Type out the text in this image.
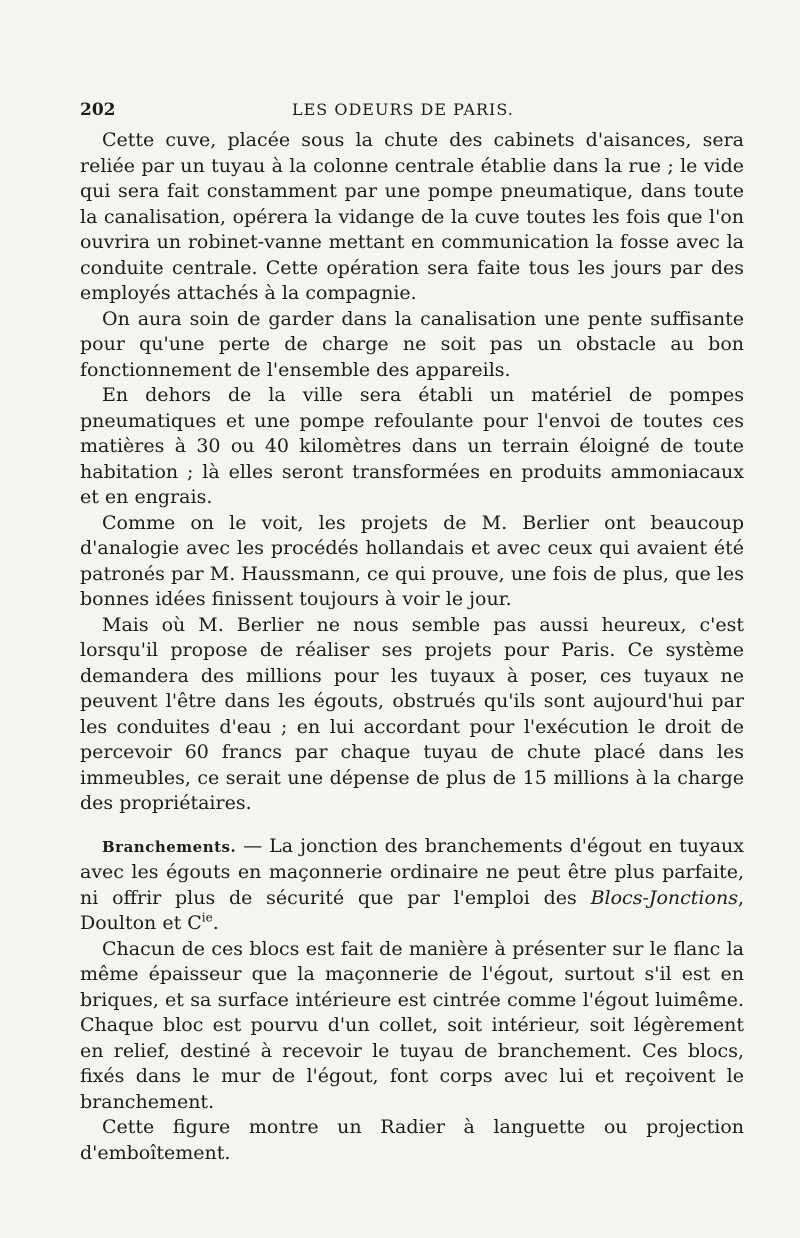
202	LES ODEURS DE PARIS.

Cette cuve, placée sous la chute des cabinets d'aisances, sera reliée par un tuyau à la colonne centrale établie dans la rue ; le vide qui sera fait constamment par une pompe pneumatique, dans toute la canalisation, opérera la vidange de la cuve toutes les fois que l'on ouvrira un robinet-vanne mettant en communication la fosse avec la conduite centrale. Cette opération sera faite tous les jours par des employés attachés à la compagnie.

On aura soin de garder dans la canalisation une pente suffisante pour qu'une perte de charge ne soit pas un obstacle au bon fonctionnement de l'ensemble des appareils.

En dehors de la ville sera établi un matériel de pompes pneumatiques et une pompe refoulante pour l'envoi de toutes ces matières à 30 ou 40 kilomètres dans un terrain éloigné de toute habitation ; là elles seront transformées en produits ammoniacaux et en engrais.

Comme on le voit, les projets de M. Berlier ont beaucoup d'analogie avec les procédés hollandais et avec ceux qui avaient été patronés par M. Haussmann, ce qui prouve, une fois de plus, que les bonnes idées finissent toujours à voir le jour.

Mais où M. Berlier ne nous semble pas aussi heureux, c'est lorsqu'il propose de réaliser ses projets pour Paris. Ce système demandera des millions pour les tuyaux à poser, ces tuyaux ne peuvent l'être dans les égouts, obstrués qu'ils sont aujourd'hui par les conduites d'eau ; en lui accordant pour l'exécution le droit de percevoir 60 francs par chaque tuyau de chute placé dans les immeubles, ce serait une dépense de plus de 15 millions à la charge des propriétaires.

Branchements. — La jonction des branchements d'égout en tuyaux avec les égouts en maçonnerie ordinaire ne peut être plus parfaite, ni offrir plus de sécurité que par l'emploi des Blocs-Jonctions, Doulton et $C^{ie}$.

Chacun de ces blocs est fait de manière à présenter sur le flanc la même épaisseur que la maçonnerie de l'égout, surtout s'il est en briques, et sa surface intérieure est cintrée comme l'égout luimême. Chaque bloc est pourvu d'un collet, soit intérieur, soit légèrement en relief, destiné à recevoir le tuyau de branchement. Ces blocs, fixés dans le mur de l'égout, font corps avec lui et reçoivent le branchement.

Cette figure montre un Radier à languette ou projection d'emboîtement.
